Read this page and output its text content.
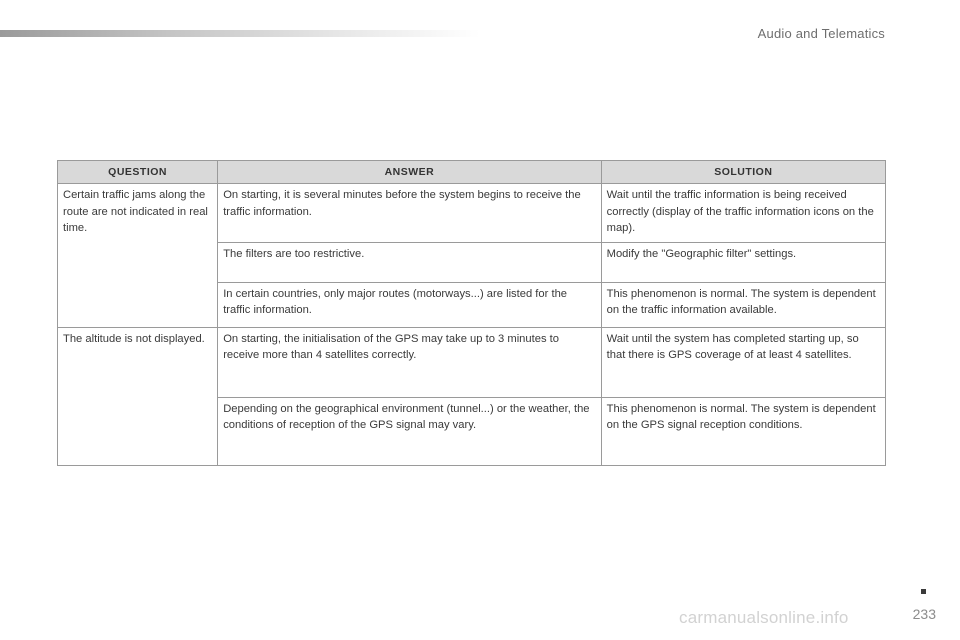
Audio and Telematics
QUESTION	ANSWER	SOLUTION
Certain traffic jams along the route are not indicated in real time.	On starting, it is several minutes before the system begins to receive the traffic information.	Wait until the traffic information is being received correctly (display of the traffic information icons on the map).
	The filters are too restrictive.	Modify the "Geographic filter" settings.
	In certain countries, only major routes (motorways...) are listed for the traffic information.	This phenomenon is normal. The system is dependent on the traffic information available.
The altitude is not displayed.	On starting, the initialisation of the GPS may take up to 3 minutes to receive more than 4 satellites correctly.	Wait until the system has completed starting up, so that there is GPS coverage of at least 4 satellites.
	Depending on the geographical environment (tunnel...) or the weather, the conditions of reception of the GPS signal may vary.	This phenomenon is normal. The system is dependent on the GPS signal reception conditions.
233
carmanualsonline.info
